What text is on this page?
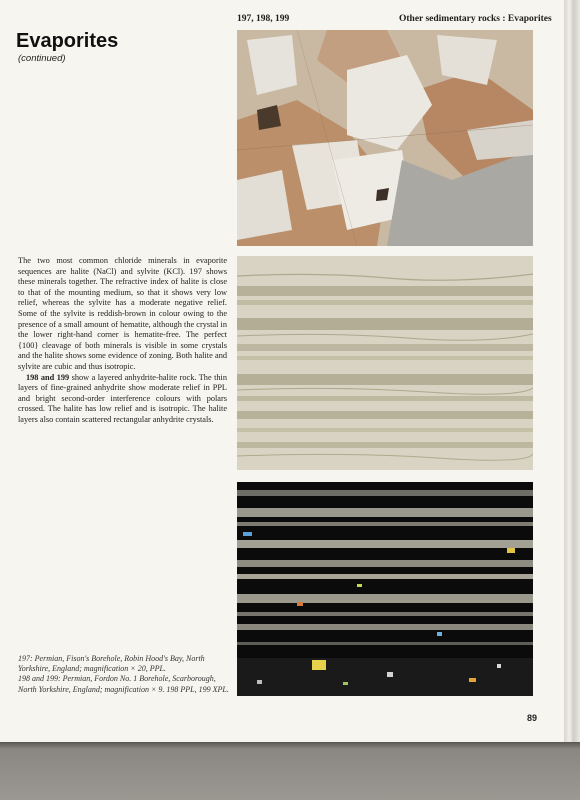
197, 198, 199	Other sedimentary rocks : Evaporites
Evaporites
(continued)

The two most common chloride minerals in evaporite sequences are halite (NaCl) and sylvite (KCl). 197 shows these minerals together. The refractive index of halite is close to that of the mounting medium, so that it shows very low relief, whereas the sylvite has a moderate negative relief. Some of the sylvite is reddish-brown in colour owing to the presence of a small amount of hematite, although the crystal in the lower right-hand corner is hematite-free. The perfect {100} cleavage of both minerals is visible in some crystals and the halite shows some evidence of zoning. Both halite and sylvite are cubic and thus isotropic.

198 and 199 show a layered anhydrite-halite rock. The thin layers of fine-grained anhydrite show moderate relief in PPL and bright second-order interference colours with polars crossed. The halite has low relief and is isotropic. The halite layers also contain scattered rectangular anhydrite crystals.

197: Permian, Fison's Borehole, Robin Hood's Bay, North Yorkshire, England; magnification × 20, PPL.

198 and 199: Permian, Fordon No. 1 Borehole, Scarborough, North Yorkshire, England; magnification × 9. 198 PPL, 199 XPL.

89
